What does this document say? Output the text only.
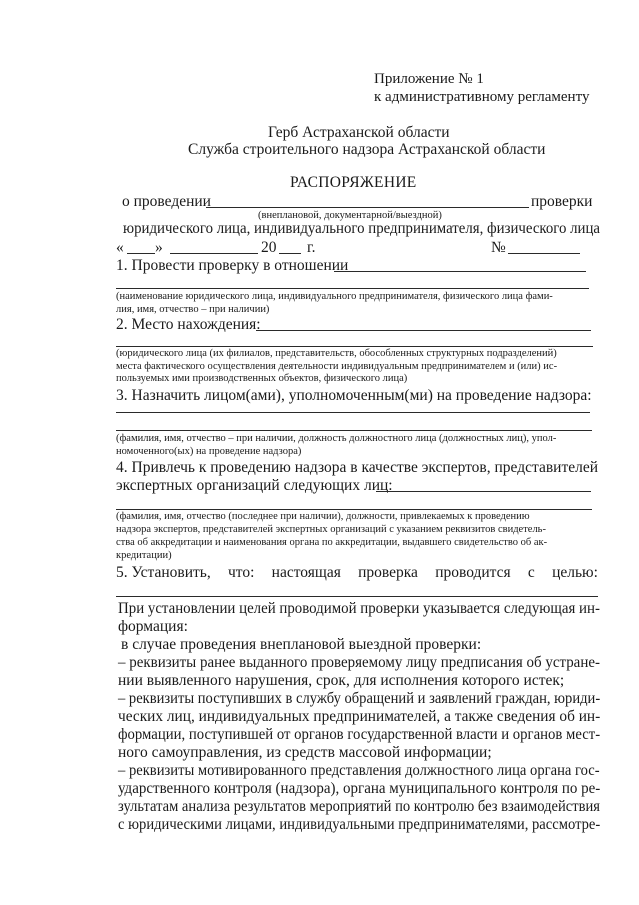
Приложение № 1
к административному регламенту
Герб Астраханской области
Служба строительного надзора Астраханской области
РАСПОРЯЖЕНИЕ
о проведении	проверки
(внеплановой, документарной/выездной)
юридического лица, индивидуального предпринимателя, физического лица
« »	20 г.	№
1. Провести проверку в отношении
(наименование юридического лица, индивидуального предпринимателя, физического лица фами-
лия, имя, отчество – при наличии)
2. Место нахождения:
(юридического лица (их филиалов, представительств, обособленных структурных подразделений)
места фактического осуществления деятельности индивидуальным предпринимателем и (или) ис-
пользуемых ими производственных объектов, физического лица)
3. Назначить лицом(ами), уполномоченным(ми) на проведение надзора:
(фамилия, имя, отчество – при наличии, должность должностного лица (должностных лиц), упол-
номоченного(ых) на проведение надзора)
4. Привлечь к проведению надзора в качестве экспертов, представителей
экспертных организаций следующих лиц:
(фамилия, имя, отчество (последнее при наличии), должности, привлекаемых к проведению
надзора экспертов, представителей экспертных организаций с указанием реквизитов свидетель-
ства об аккредитации и наименования органа по аккредитации, выдавшего свидетельство об ак-
кредитации)
5. Установить, что: настоящая проверка проводится с целью:
При установлении целей проводимой проверки указывается следующая ин-
формация:
в случае проведения внеплановой выездной проверки:
– реквизиты ранее выданного проверяемому лицу предписания об устране-
нии выявленного нарушения, срок, для исполнения которого истек;
– реквизиты поступивших в службу обращений и заявлений граждан, юриди-
ческих лиц, индивидуальных предпринимателей, а также сведения об ин-
формации, поступившей от органов государственной власти и органов мест-
ного самоуправления, из средств массовой информации;
– реквизиты мотивированного представления должностного лица органа гос-
ударственного контроля (надзора), органа муниципального контроля по ре-
зультатам анализа результатов мероприятий по контролю без взаимодействия
с юридическими лицами, индивидуальными предпринимателями, рассмотре-
